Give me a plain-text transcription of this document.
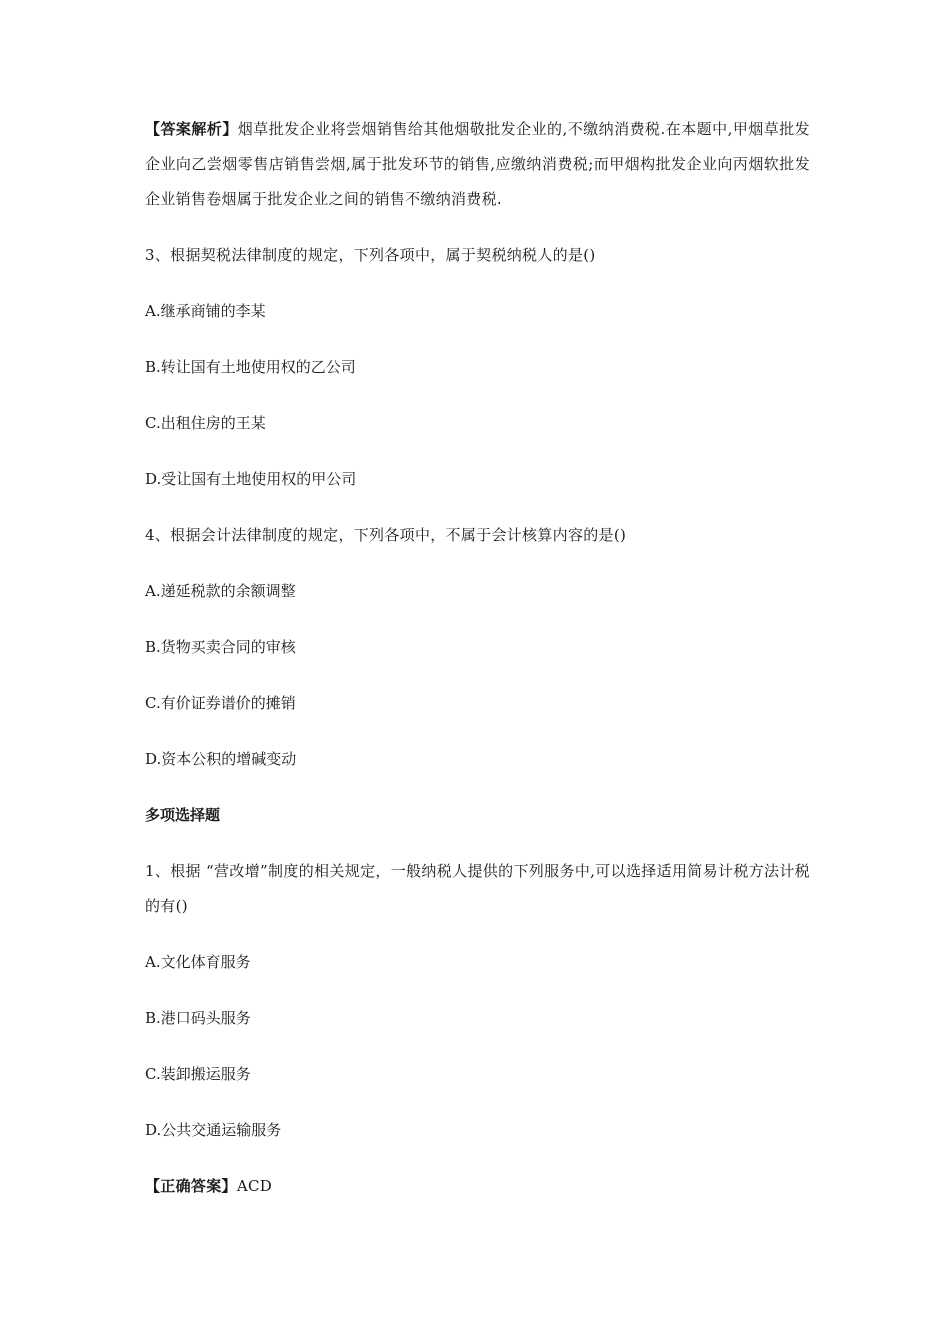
【答案解析】烟草批发企业将尝烟销售给其他烟敬批发企业的,不缴纳消费税.在本题中,甲烟草批发企业向乙尝烟零售店销售尝烟,属于批发环节的销售,应缴纳消费税;而甲烟构批发企业向丙烟软批发企业销售卷烟属于批发企业之间的销售不缴纳消费税.

3、根据契税法律制度的规定，下列各项中，属于契税纳税人的是()

A.继承商铺的李某

B.转让国有土地使用权的乙公司

C.出租住房的王某

D.受让国有土地使用权的甲公司

4、根据会计法律制度的规定，下列各项中，不属于会计核算内容的是()

A.递延税款的余额调整

B.货物买卖合同的审核

C.有价证券谱价的摊销

D.资本公积的增碱变动

多项选择题

1、根据 “营改增”制度的相关规定，一般纳税人提供的下列服务中,可以选择适用简易计税方法计税的有()

A.文化体育服务

B.港口码头服务

C.装卸搬运服务

D.公共交通运输服务

【正确答案】ACD
